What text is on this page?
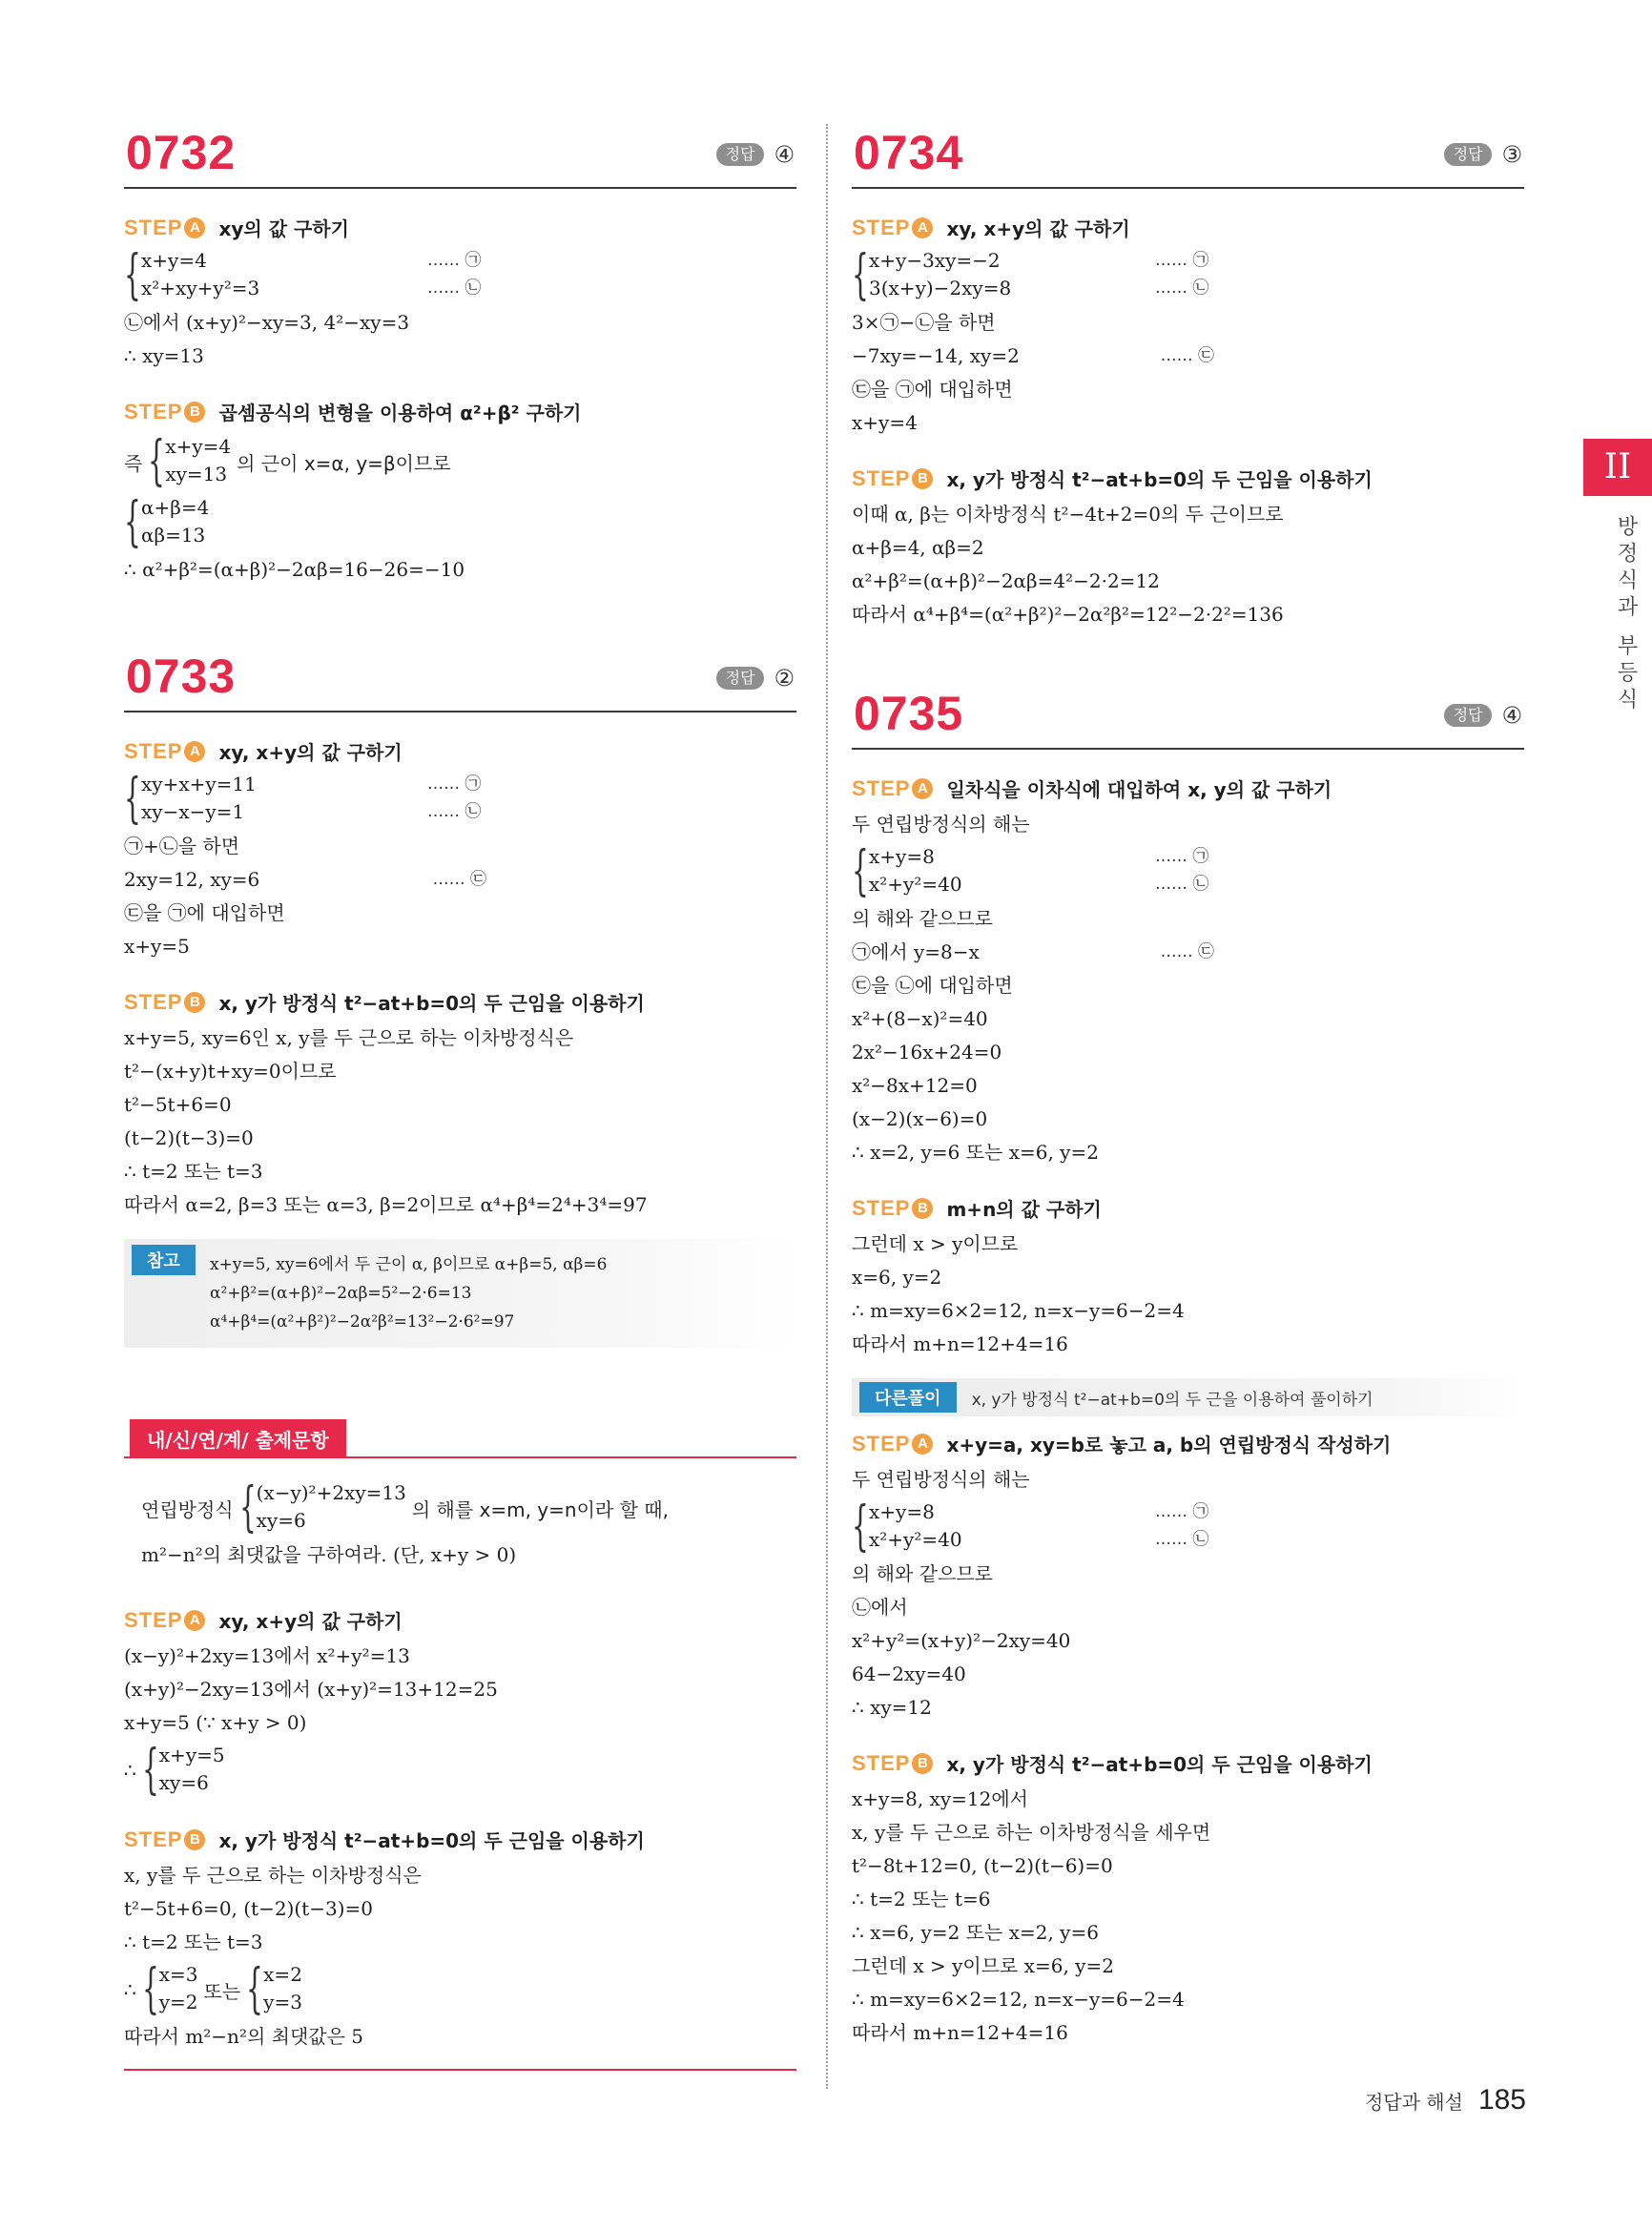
0732	정답 ④
STEP A xy의 값 구하기
{ x+y=4	…… ㉠
x²+xy+y²=3	…… ㉡
㉡에서 (x+y)²−xy=3, 4²−xy=3
∴ xy=13
STEP B 곱셈공식의 변형을 이용하여 α²+β² 구하기
즉 { x+y=4
xy=13 의 근이 x=α, y=β이므로
{ α+β=4
αβ=13
∴ α²+β²=(α+β)²−2αβ=16−26=−10
0733	정답 ②
STEP A xy, x+y의 값 구하기
{ xy+x+y=11	…… ㉠
xy−x−y=1	…… ㉡
㉠+㉡을 하면
2xy=12, xy=6	…… ㉢
㉢을 ㉠에 대입하면
x+y=5
STEP B x, y가 방정식 t²−at+b=0의 두 근임을 이용하기
x+y=5, xy=6인 x, y를 두 근으로 하는 이차방정식은
t²−(x+y)t+xy=0이므로
t²−5t+6=0
(t−2)(t−3)=0
∴ t=2 또는 t=3
따라서 α=2, β=3 또는 α=3, β=2이므로 α⁴+β⁴=2⁴+3⁴=97
참고 x+y=5, xy=6에서 두 근이 α, β이므로 α+β=5, αβ=6
α²+β²=(α+β)²−2αβ=5²−2·6=13
α⁴+β⁴=(α²+β²)²−2α²β²=13²−2·6²=97
내/신/연/계/ 출제문항
연립방정식 { (x−y)²+2xy=13
xy=6	의 해를 x=m, y=n이라 할 때,
m²−n²의 최댓값을 구하여라. (단, x+y > 0)
STEP A xy, x+y의 값 구하기
(x−y)²+2xy=13에서 x²+y²=13
(x+y)²−2xy=13에서 (x+y)²=13+12=25
x+y=5 (∵ x+y > 0)
∴ { x+y=5
xy=6
STEP B x, y가 방정식 t²−at+b=0의 두 근임을 이용하기
x, y를 두 근으로 하는 이차방정식은
t²−5t+6=0, (t−2)(t−3)=0
∴ t=2 또는 t=3
∴ { x=3
y=2 또는 { x=2
y=3
따라서 m²−n²의 최댓값은 5
0734	정답 ③
STEP A xy, x+y의 값 구하기
{ x+y−3xy=−2	…… ㉠
3(x+y)−2xy=8	…… ㉡
3×㉠−㉡을 하면
−7xy=−14, xy=2	…… ㉢
㉢을 ㉠에 대입하면
x+y=4
STEP B x, y가 방정식 t²−at+b=0의 두 근임을 이용하기
이때 α, β는 이차방정식 t²−4t+2=0의 두 근이므로
α+β=4, αβ=2
α²+β²=(α+β)²−2αβ=4²−2·2=12
따라서 α⁴+β⁴=(α²+β²)²−2α²β²=12²−2·2²=136
0735	정답 ④
STEP A 일차식을 이차식에 대입하여 x, y의 값 구하기
두 연립방정식의 해는
{ x+y=8	…… ㉠
x²+y²=40	…… ㉡
의 해와 같으므로
㉠에서 y=8−x	…… ㉢
㉢을 ㉡에 대입하면
x²+(8−x)²=40
2x²−16x+24=0
x²−8x+12=0
(x−2)(x−6)=0
∴ x=2, y=6 또는 x=6, y=2
STEP B m+n의 값 구하기
그런데 x > y이므로
x=6, y=2
∴ m=xy=6×2=12, n=x−y=6−2=4
따라서 m+n=12+4=16
다른풀이	x, y가 방정식 t²−at+b=0의 두 근을 이용하여 풀이하기
STEP A x+y=a, xy=b로 놓고 a, b의 연립방정식 작성하기
두 연립방정식의 해는
{ x+y=8	…… ㉠
x²+y²=40	…… ㉡
의 해와 같으므로
㉡에서
x²+y²=(x+y)²−2xy=40
64−2xy=40
∴ xy=12
STEP B x, y가 방정식 t²−at+b=0의 두 근임을 이용하기
x+y=8, xy=12에서
x, y를 두 근으로 하는 이차방정식을 세우면
t²−8t+12=0, (t−2)(t−6)=0
∴ t=2 또는 t=6
∴ x=6, y=2 또는 x=2, y=6
그런데 x > y이므로 x=6, y=2
∴ m=xy=6×2=12, n=x−y=6−2=4
따라서 m+n=12+4=16
II
방정식과 부등식
정답과 해설 185
